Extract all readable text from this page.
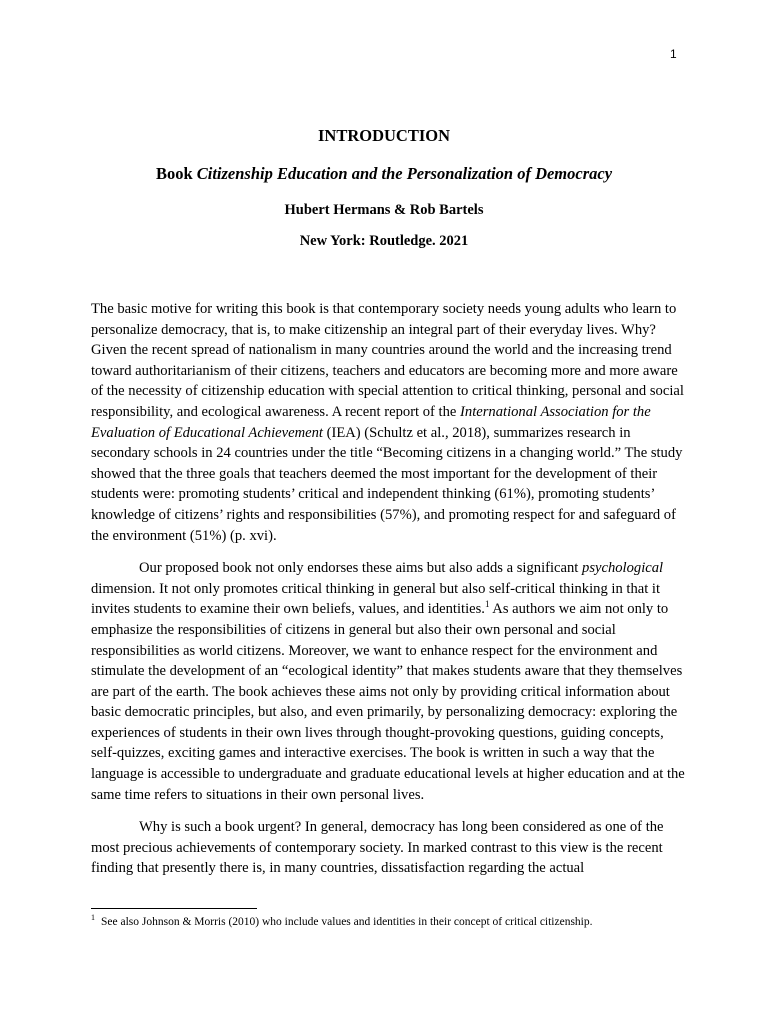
1
INTRODUCTION
Book Citizenship Education and the Personalization of Democracy
Hubert Hermans & Rob Bartels
New York: Routledge. 2021

The basic motive for writing this book is that contemporary society needs young adults who learn to personalize democracy, that is, to make citizenship an integral part of their everyday lives. Why? Given the recent spread of nationalism in many countries around the world and the increasing trend toward authoritarianism of their citizens, teachers and educators are becoming more and more aware of the necessity of citizenship education with special attention to critical thinking, personal and social responsibility, and ecological awareness. A recent report of the International Association for the Evaluation of Educational Achievement (IEA) (Schultz et al., 2018), summarizes research in secondary schools in 24 countries under the title “Becoming citizens in a changing world.” The study showed that the three goals that teachers deemed the most important for the development of their students were: promoting students’ critical and independent thinking (61%), promoting students’ knowledge of citizens’ rights and responsibilities (57%), and promoting respect for and safeguard of the environment (51%) (p. xvi).

Our proposed book not only endorses these aims but also adds a significant psychological dimension. It not only promotes critical thinking in general but also self-critical thinking in that it invites students to examine their own beliefs, values, and identities.$^1$ As authors we aim not only to emphasize the responsibilities of citizens in general but also their own personal and social responsibilities as world citizens. Moreover, we want to enhance respect for the environment and stimulate the development of an “ecological identity” that makes students aware that they themselves are part of the earth. The book achieves these aims not only by providing critical information about basic democratic principles, but also, and even primarily, by personalizing democracy: exploring the experiences of students in their own lives through thought-provoking questions, guiding concepts, self-quizzes, exciting games and interactive exercises. The book is written in such a way that the language is accessible to undergraduate and graduate educational levels at higher education and at the same time refers to situations in their own personal lives.

Why is such a book urgent? In general, democracy has long been considered as one of the most precious achievements of contemporary society. In marked contrast to this view is the recent finding that presently there is, in many countries, dissatisfaction regarding the actual

$^1$ See also Johnson & Morris (2010) who include values and identities in their concept of critical citizenship.
